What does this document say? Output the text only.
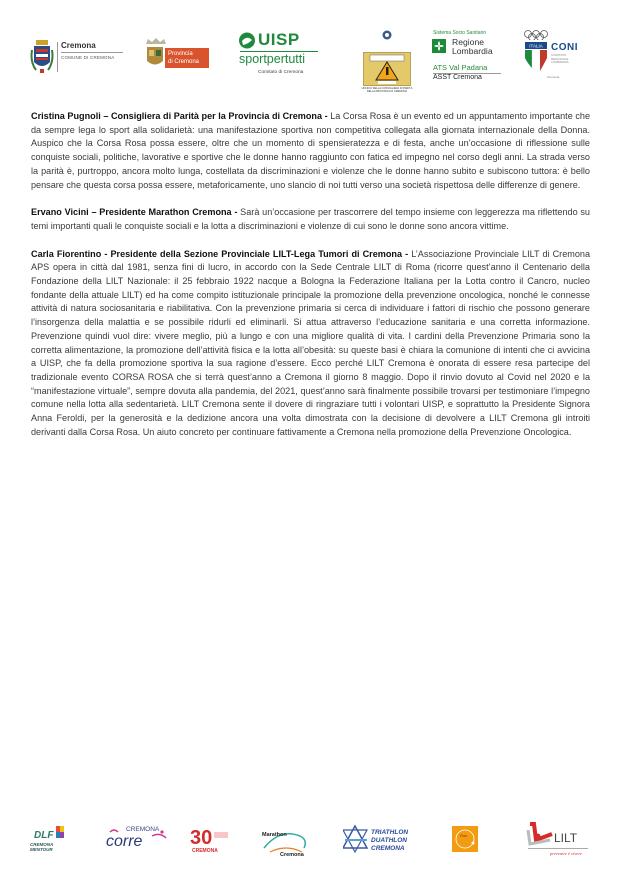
Cremona
COMUNE DI CREMONA
Provincia
di Cremona
UISP
sportpertutti
Comitato di Cremona

UFFICIO DELLA CONSIGLIERA DI PARITÀ DELLA PROVINCIA DI CREMONA
Sistema Socio Sanitario
Regione
Lombardia
ATS Val Padana
ASST Cremona
ITALIA CONI
COMITATO
REGIONALE
LOMBARDIA
Cremona

Cristina Pugnoli – Consigliera di Parità per la Provincia di Cremona - La Corsa Rosa è un evento ed un appuntamento importante che da sempre lega lo sport alla solidarietà: una manifestazione sportiva non competitiva collegata alla giornata internazionale della Donna. Auspico che la Corsa Rosa possa essere, oltre che un momento di spensieratezza e di festa, anche un’occasione di riflessione sulle conquiste sociali, politiche, lavorative e sportive che le donne hanno raggiunto con fatica ed impegno nel corso degli anni. La strada verso la parità è, purtroppo, ancora molto lunga, costellata da discriminazioni e violenze che le donne hanno subito e subiscono tuttora: è bello pensare che questa corsa possa essere, metaforicamente, uno slancio di noi tutti verso una società rispettosa delle differenze di genere.

Ervano Vicini – Presidente Marathon Cremona - Sarà un’occasione per trascorrere del tempo insieme con leggerezza ma riflettendo su temi importanti quali le conquiste sociali e la lotta a discriminazioni e violenze di cui sono le donne sono ancora vittime.

Carla Fiorentino - Presidente della Sezione Provinciale LILT-Lega Tumori di Cremona - L’Associazione Provinciale LILT di Cremona APS opera in città dal 1981, senza fini di lucro, in accordo con la Sede Centrale LILT di Roma (ricorre quest’anno il Centenario della Fondazione della LILT Nazionale: il 25 febbraio 1922 nacque a Bologna la Federazione Italiana per la Lotta contro il Cancro, nucleo fondante della attuale LILT) ed ha come compito istituzionale principale la promozione della prevenzione oncologica, nonché le connesse attività di natura sociosanitaria e riabilitativa. Con la prevenzione primaria si cerca di individuare i fattori di rischio che possono generare l’insorgenza della malattia e se possibile ridurli ed eliminarli. Si attua attraverso l’educazione sanitaria e una corretta informazione. Prevenzione quindi vuol dire: vivere meglio, più a lungo e con una migliore qualità di vita. I cardini della Prevenzione Primaria sono la corretta alimentazione, la promozione dell’attività fisica e la lotta all’obesità: su queste basi è chiara la comunione di intenti che ci avvicina a UISP, che fa della promozione sportiva la sua ragione d’essere. Ecco perché LILT Cremona è onorata di essere resa partecipe del tradizionale evento CORSA ROSA che si terrà quest’anno a Cremona il giorno 8 maggio. Dopo il rinvio dovuto al Covid nel 2020 e la “manifestazione virtuale”, sempre dovuta alla pandemia, del 2021, quest’anno sarà finalmente possibile trovarsi per testimoniare l’impegno comune nella lotta alla sedentarietà. LILT Cremona sente il dovere di ringraziare tutti i volontari UISP, e soprattutto la Presidente Signora Anna Feroldi, per la generosità e la dedizione ancora una volta dimostrata con la decisione di devolvere a LILT Cremona gli introiti derivanti dalla Corsa Rosa. Un aiuto concreto per continuare fattivamente a Cremona nella promozione della Prevenzione Oncologica.

DLF
CREMONA
MENTOUR
CREMONA
corre 30
CREMONA
Marathon
Cremona
TRIATHLON
DUATHLON
CREMONA
Run	LILT
prevenire è vivere
